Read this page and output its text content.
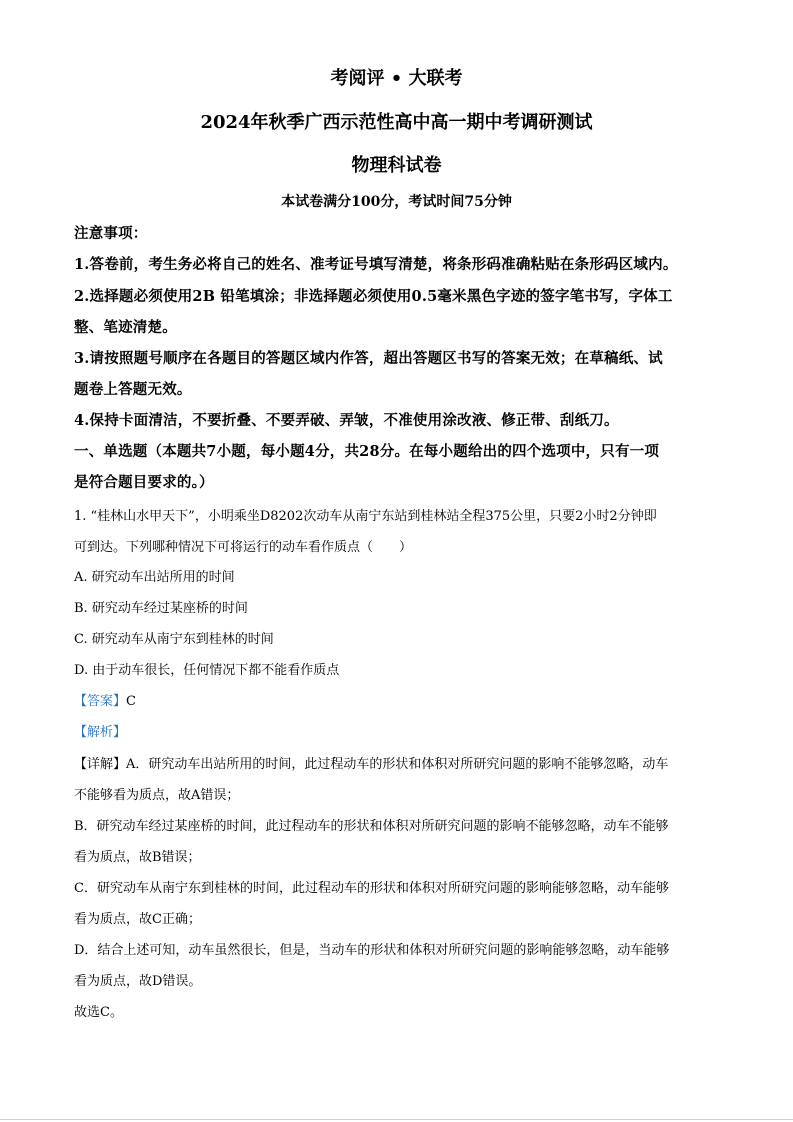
考阅评 • 大联考
2024年秋季广西示范性高中高一期中考调研测试
物理科试卷
本试卷满分100分，考试时间75分钟
注意事项：
1.答卷前，考生务必将自己的姓名、准考证号填写清楚，将条形码准确粘贴在条形码区域内。
2.选择题必须使用2B 铅笔填涂；非选择题必须使用0.5毫米黑色字迹的签字笔书写，字体工
整、笔迹清楚。
3.请按照题号顺序在各题目的答题区域内作答，超出答题区书写的答案无效；在草稿纸、试
题卷上答题无效。
4.保持卡面清洁，不要折叠、不要弄破、弄皱，不准使用涂改液、修正带、刮纸刀。
一、单选题（本题共7小题，每小题4分，共28分。在每小题给出的四个选项中，只有一项
是符合题目要求的。）
1. “桂林山水甲天下”，小明乘坐D8202次动车从南宁东站到桂林站全程375公里，只要2小时2分钟即
可到达。下列哪种情况下可将运行的动车看作质点（　　）
A. 研究动车出站所用的时间
B. 研究动车经过某座桥的时间
C. 研究动车从南宁东到桂林的时间
D. 由于动车很长，任何情况下都不能看作质点
【答案】C
【解析】
【详解】A．研究动车出站所用的时间，此过程动车的形状和体积对所研究问题的影响不能够忽略，动车
不能够看为质点，故A错误；
B．研究动车经过某座桥的时间，此过程动车的形状和体积对所研究问题的影响不能够忽略，动车不能够
看为质点，故B错误；
C．研究动车从南宁东到桂林的时间，此过程动车的形状和体积对所研究问题的影响能够忽略，动车能够
看为质点，故C正确；
D．结合上述可知，动车虽然很长，但是，当动车的形状和体积对所研究问题的影响能够忽略，动车能够
看为质点，故D错误。
故选C。
